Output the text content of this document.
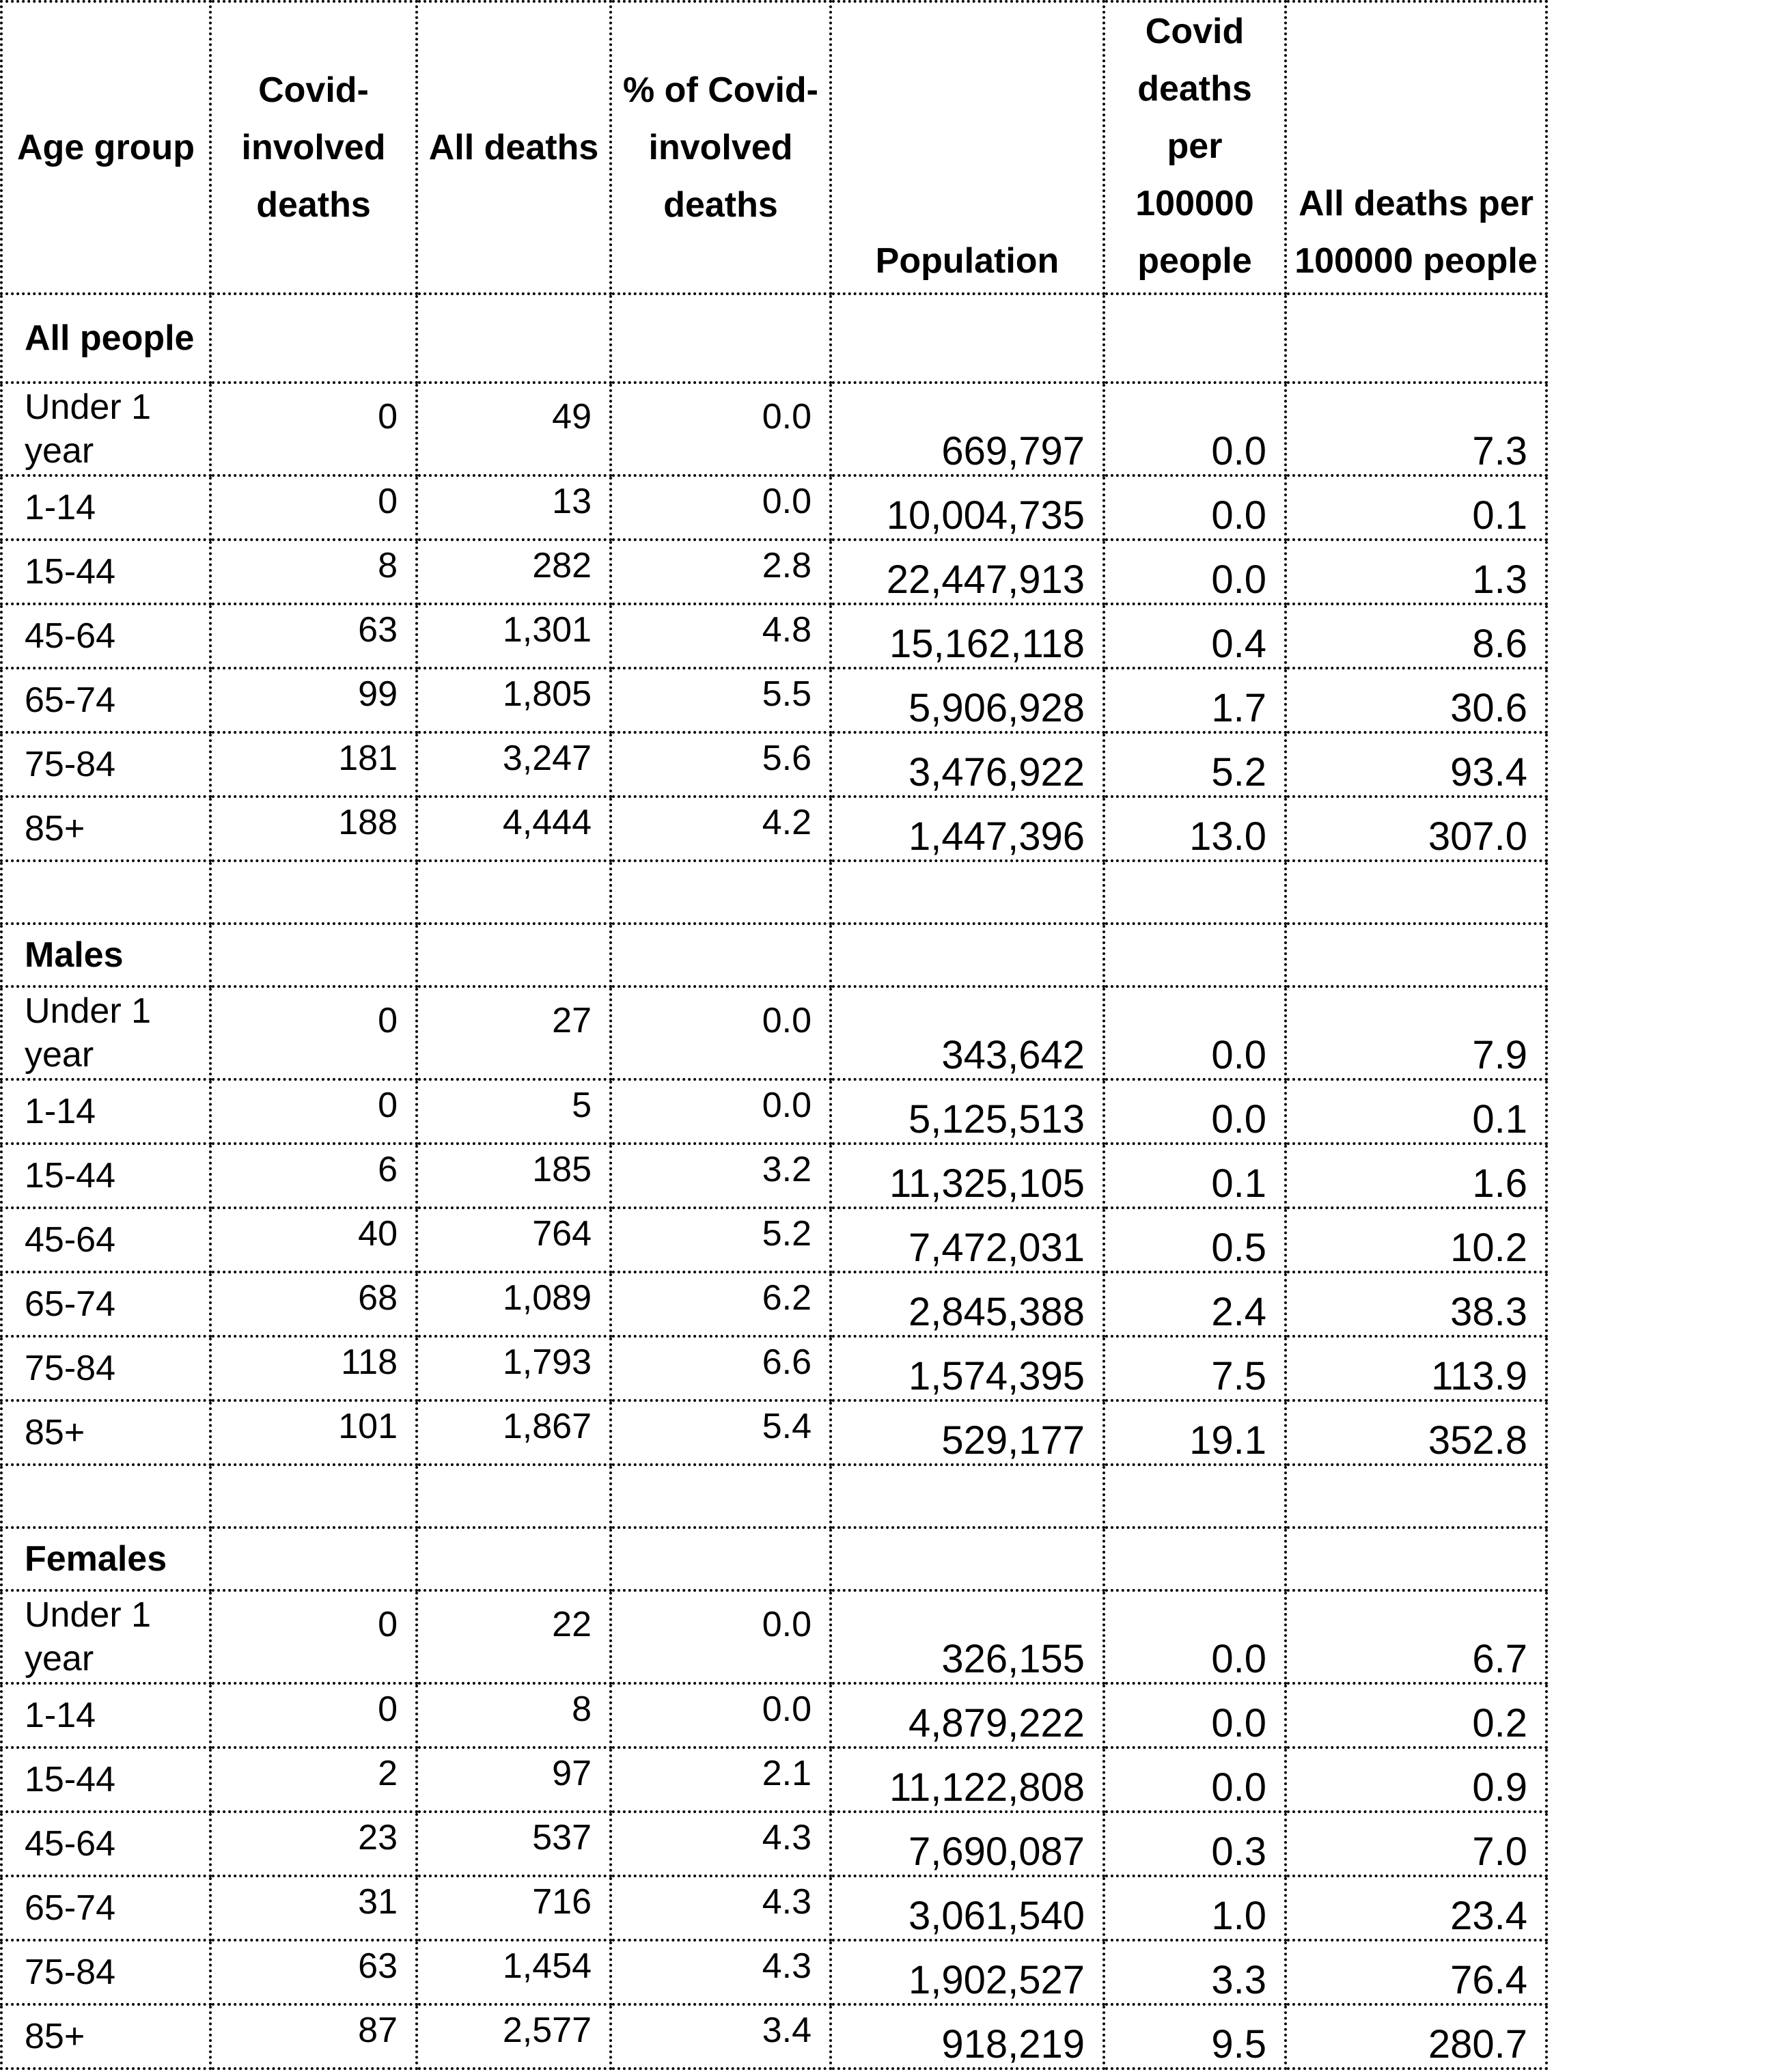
Age group	Covid-involved deaths	All deaths	% of Covid-involved deaths	Population	Covid deaths per 100000 people	All deaths per 100000 people
All people						
Under 1 year	0	49	0.0	669,797	0.0	7.3
1-14	0	13	0.0	10,004,735	0.0	0.1
15-44	8	282	2.8	22,447,913	0.0	1.3
45-64	63	1,301	4.8	15,162,118	0.4	8.6
65-74	99	1,805	5.5	5,906,928	1.7	30.6
75-84	181	3,247	5.6	3,476,922	5.2	93.4
85+	188	4,444	4.2	1,447,396	13.0	307.0

Males						
Under 1 year	0	27	0.0	343,642	0.0	7.9
1-14	0	5	0.0	5,125,513	0.0	0.1
15-44	6	185	3.2	11,325,105	0.1	1.6
45-64	40	764	5.2	7,472,031	0.5	10.2
65-74	68	1,089	6.2	2,845,388	2.4	38.3
75-84	118	1,793	6.6	1,574,395	7.5	113.9
85+	101	1,867	5.4	529,177	19.1	352.8

Females						
Under 1 year	0	22	0.0	326,155	0.0	6.7
1-14	0	8	0.0	4,879,222	0.0	0.2
15-44	2	97	2.1	11,122,808	0.0	0.9
45-64	23	537	4.3	7,690,087	0.3	7.0
65-74	31	716	4.3	3,061,540	1.0	23.4
75-84	63	1,454	4.3	1,902,527	3.3	76.4
85+	87	2,577	3.4	918,219	9.5	280.7
